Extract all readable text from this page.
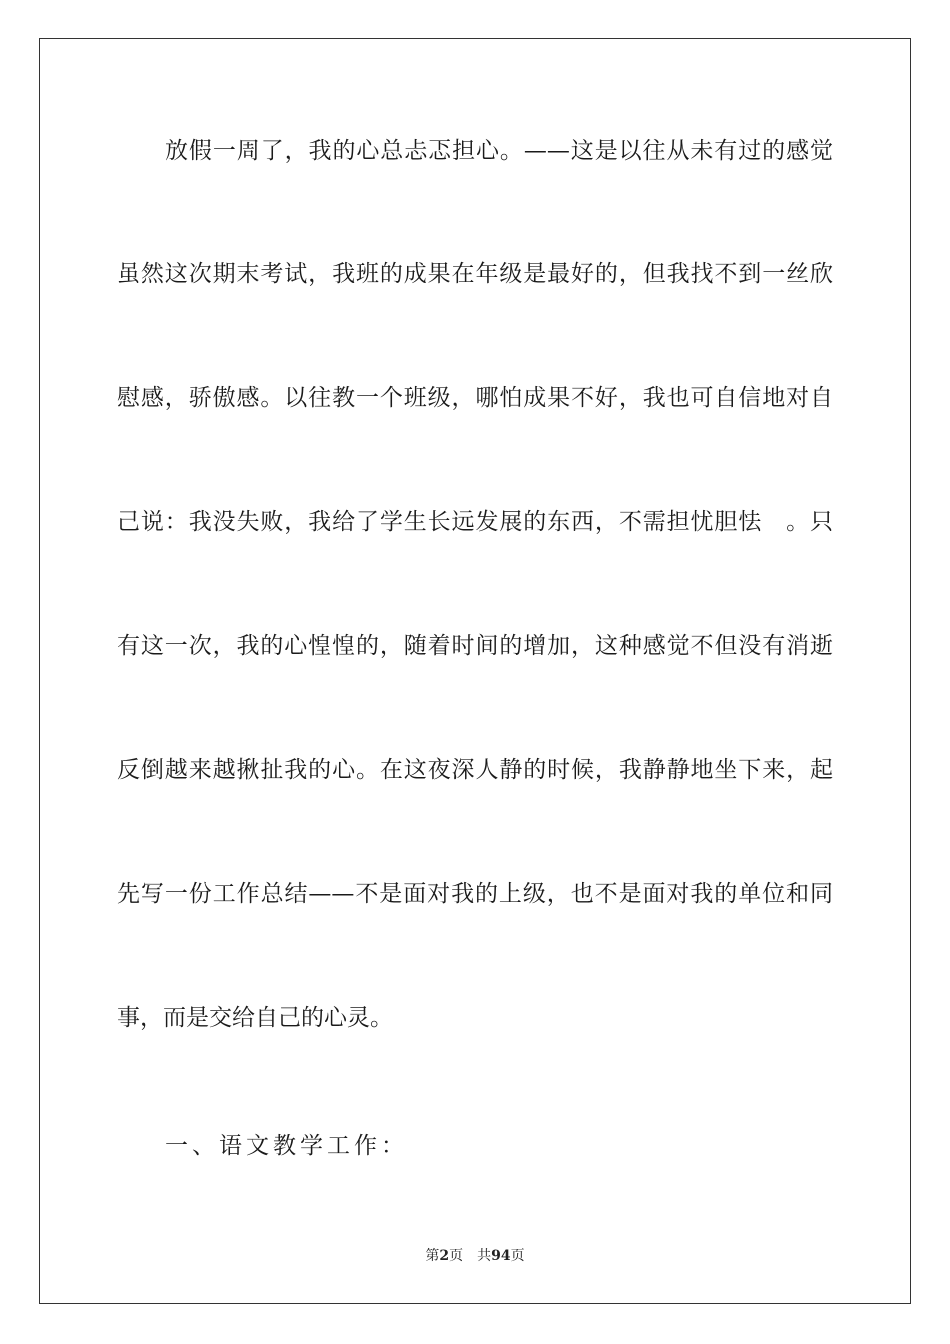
放假一周了，我的心总忐忑担心。——这是以往从未有过的感觉
虽然这次期末考试，我班的成果在年级是最好的，但我找不到一丝欣
慰感，骄傲感。以往教一个班级，哪怕成果不好，我也可自信地对自
己说：我没失败，我给了学生长远发展的东西，不需担忧胆怯　。只
有这一次，我的心惶惶的，随着时间的增加，这种感觉不但没有消逝
反倒越来越揪扯我的心。在这夜深人静的时候，我静静地坐下来，起
先写一份工作总结——不是面对我的上级，也不是面对我的单位和同
事，而是交给自己的心灵。
一、语文教学工作：
第2页 共94页
